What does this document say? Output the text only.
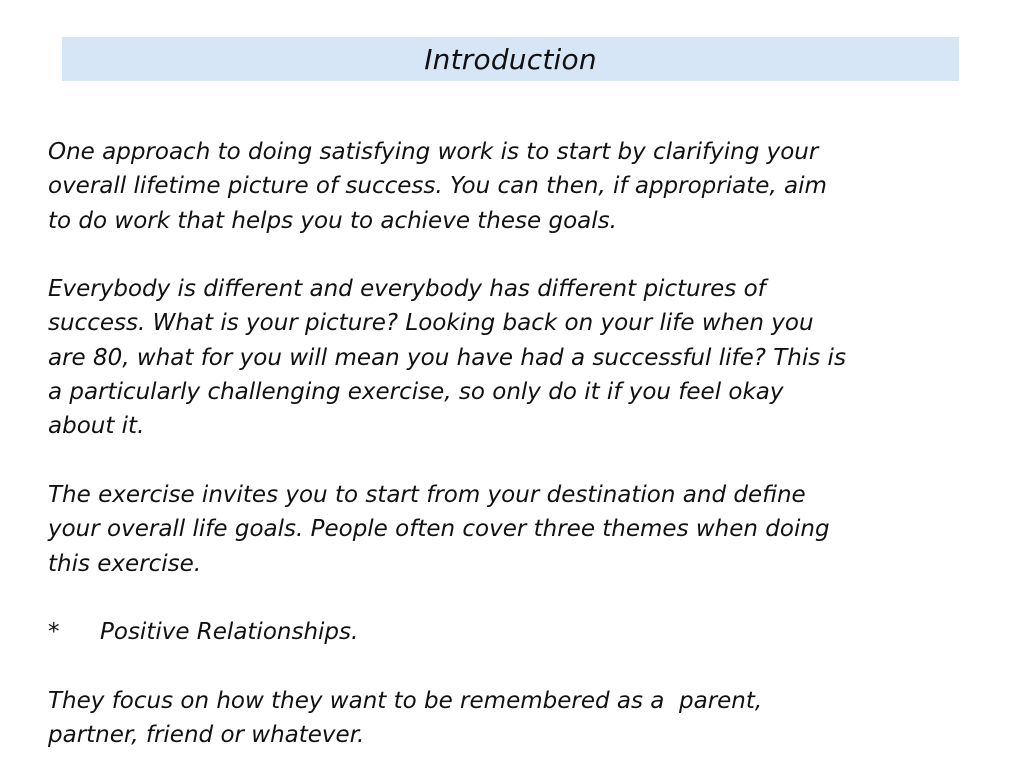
Introduction

One approach to doing satisfying work is to start by clarifying your
overall lifetime picture of success. You can then, if appropriate, aim
to do work that helps you to achieve these goals.

Everybody is different and everybody has different pictures of
success. What is your picture? Looking back on your life when you
are 80, what for you will mean you have had a successful life? This is
a particularly challenging exercise, so only do it if you feel okay
about it.

The exercise invites you to start from your destination and define
your overall life goals. People often cover three themes when doing
this exercise.

*	Positive Relationships.

They focus on how they want to be remembered as a  parent,
partner, friend or whatever.
